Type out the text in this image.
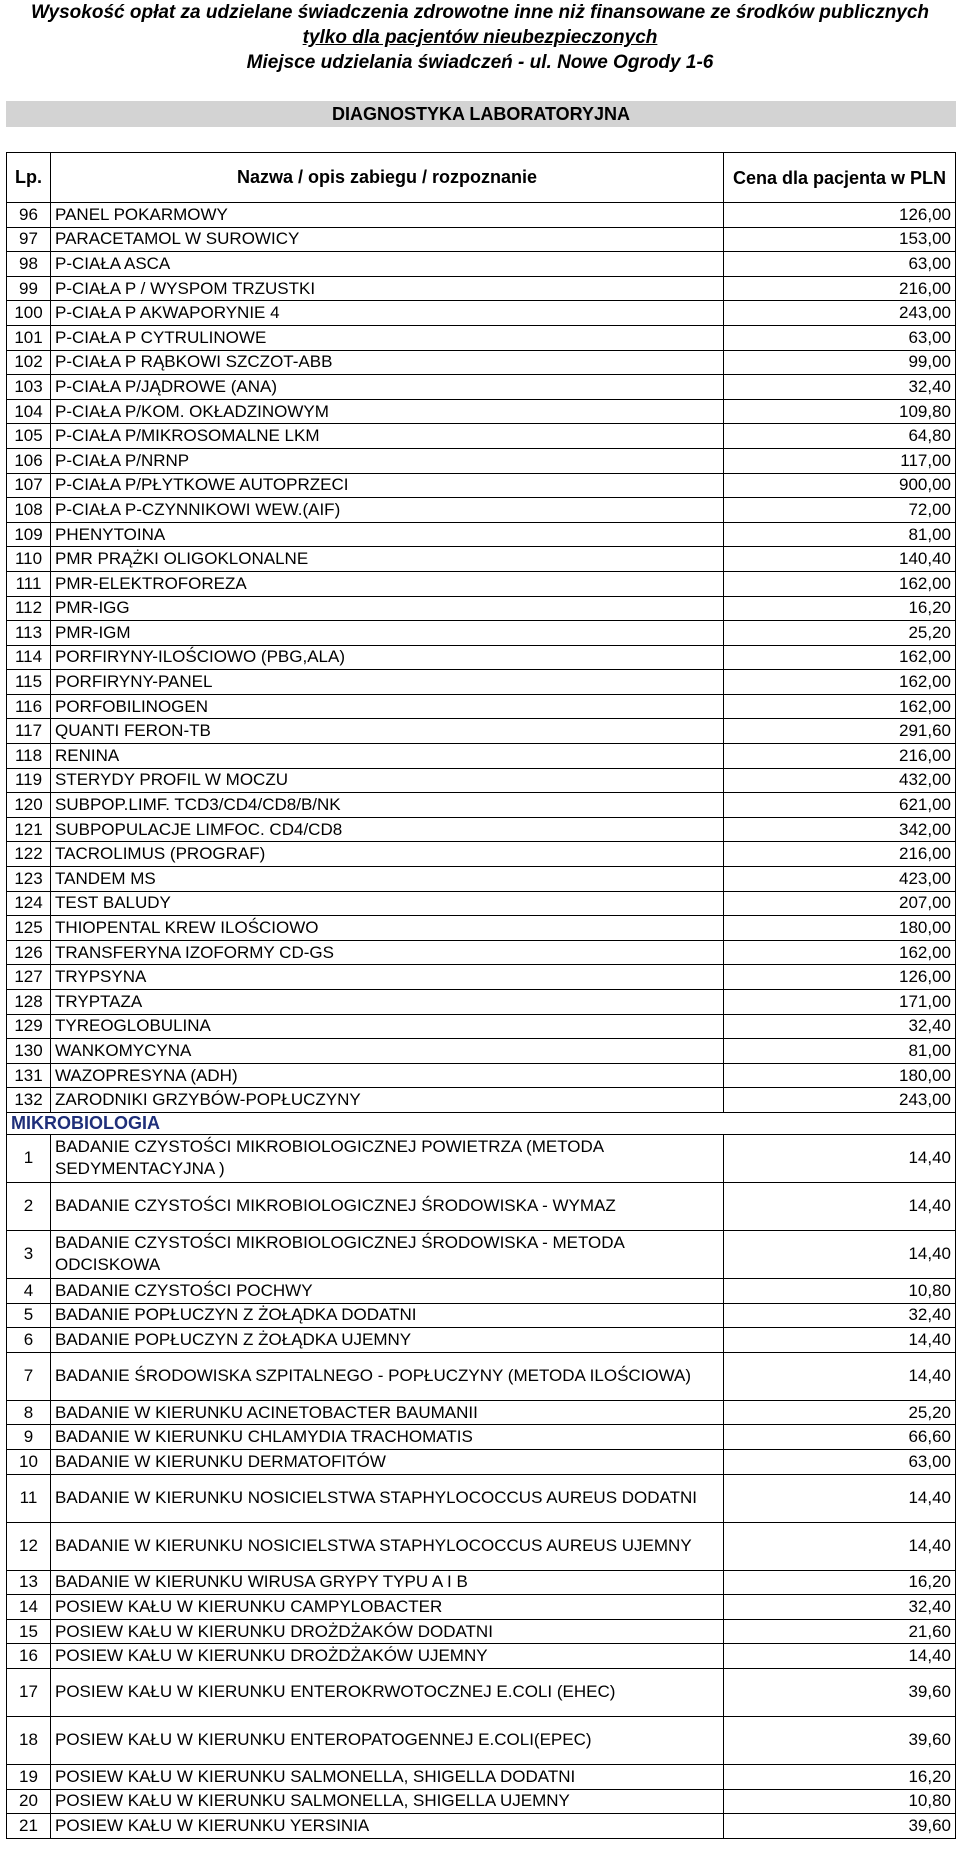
Wysokość opłat za udzielane świadczenia zdrowotne inne niż finansowane ze środków publicznych
tylko dla pacjentów nieubezpieczonych
Miejsce udzielania świadczeń - ul. Nowe Ogrody 1-6
DIAGNOSTYKA LABORATORYJNA
Lp.	Nazwa / opis zabiegu / rozpoznanie	Cena dla pacjenta w PLN
96	PANEL POKARMOWY	126,00
97	PARACETAMOL W SUROWICY	153,00
98	P-CIAŁA ASCA	63,00
99	P-CIAŁA P / WYSPOM TRZUSTKI	216,00
100	P-CIAŁA P AKWAPORYNIE 4	243,00
101	P-CIAŁA P CYTRULINOWE	63,00
102	P-CIAŁA P RĄBKOWI SZCZOT-ABB	99,00
103	P-CIAŁA P/JĄDROWE (ANA)	32,40
104	P-CIAŁA P/KOM. OKŁADZINOWYM	109,80
105	P-CIAŁA P/MIKROSOMALNE LKM	64,80
106	P-CIAŁA P/NRNP	117,00
107	P-CIAŁA P/PŁYTKOWE AUTOPRZECI	900,00
108	P-CIAŁA P-CZYNNIKOWI WEW.(AIF)	72,00
109	PHENYTOINA	81,00
110	PMR PRĄŻKI OLIGOKLONALNE	140,40
111	PMR-ELEKTROFOREZA	162,00
112	PMR-IGG	16,20
113	PMR-IGM	25,20
114	PORFIRYNY-ILOŚCIOWO (PBG,ALA)	162,00
115	PORFIRYNY-PANEL	162,00
116	PORFOBILINOGEN	162,00
117	QUANTI FERON-TB	291,60
118	RENINA	216,00
119	STERYDY PROFIL W MOCZU	432,00
120	SUBPOP.LIMF. TCD3/CD4/CD8/B/NK	621,00
121	SUBPOPULACJE LIMFOC. CD4/CD8	342,00
122	TACROLIMUS (PROGRAF)	216,00
123	TANDEM MS	423,00
124	TEST BALUDY	207,00
125	THIOPENTAL KREW ILOŚCIOWO	180,00
126	TRANSFERYNA IZOFORMY CD-GS	162,00
127	TRYPSYNA	126,00
128	TRYPTAZA	171,00
129	TYREOGLOBULINA	32,40
130	WANKOMYCYNA	81,00
131	WAZOPRESYNA (ADH)	180,00
132	ZARODNIKI GRZYBÓW-POPŁUCZYNY	243,00
MIKROBIOLOGIA		
1	BADANIE CZYSTOŚCI MIKROBIOLOGICZNEJ POWIETRZA (METODA SEDYMENTACYJNA )	14,40
2	BADANIE CZYSTOŚCI MIKROBIOLOGICZNEJ ŚRODOWISKA - WYMAZ	14,40
3	BADANIE CZYSTOŚCI MIKROBIOLOGICZNEJ ŚRODOWISKA - METODA ODCISKOWA	14,40
4	BADANIE CZYSTOŚCI POCHWY	10,80
5	BADANIE POPŁUCZYN Z ŻOŁĄDKA DODATNI	32,40
6	BADANIE POPŁUCZYN Z ŻOŁĄDKA UJEMNY	14,40
7	BADANIE ŚRODOWISKA SZPITALNEGO - POPŁUCZYNY (METODA ILOŚCIOWA)	14,40
8	BADANIE W KIERUNKU ACINETOBACTER BAUMANII	25,20
9	BADANIE W KIERUNKU CHLAMYDIA TRACHOMATIS	66,60
10	BADANIE W KIERUNKU DERMATOFITÓW	63,00
11	BADANIE W KIERUNKU NOSICIELSTWA STAPHYLOCOCCUS AUREUS DODATNI	14,40
12	BADANIE W KIERUNKU NOSICIELSTWA STAPHYLOCOCCUS AUREUS UJEMNY	14,40
13	BADANIE W KIERUNKU WIRUSA GRYPY TYPU A I B	16,20
14	POSIEW KAŁU W KIERUNKU CAMPYLOBACTER	32,40
15	POSIEW KAŁU W KIERUNKU DROŻDŻAKÓW DODATNI	21,60
16	POSIEW KAŁU W KIERUNKU DROŻDŻAKÓW UJEMNY	14,40
17	POSIEW KAŁU W KIERUNKU ENTEROKRWOTOCZNEJ E.COLI (EHEC)	39,60
18	POSIEW KAŁU W KIERUNKU ENTEROPATOGENNEJ E.COLI(EPEC)	39,60
19	POSIEW KAŁU W KIERUNKU SALMONELLA, SHIGELLA DODATNI	16,20
20	POSIEW KAŁU W KIERUNKU SALMONELLA, SHIGELLA UJEMNY	10,80
21	POSIEW KAŁU W KIERUNKU YERSINIA	39,60
